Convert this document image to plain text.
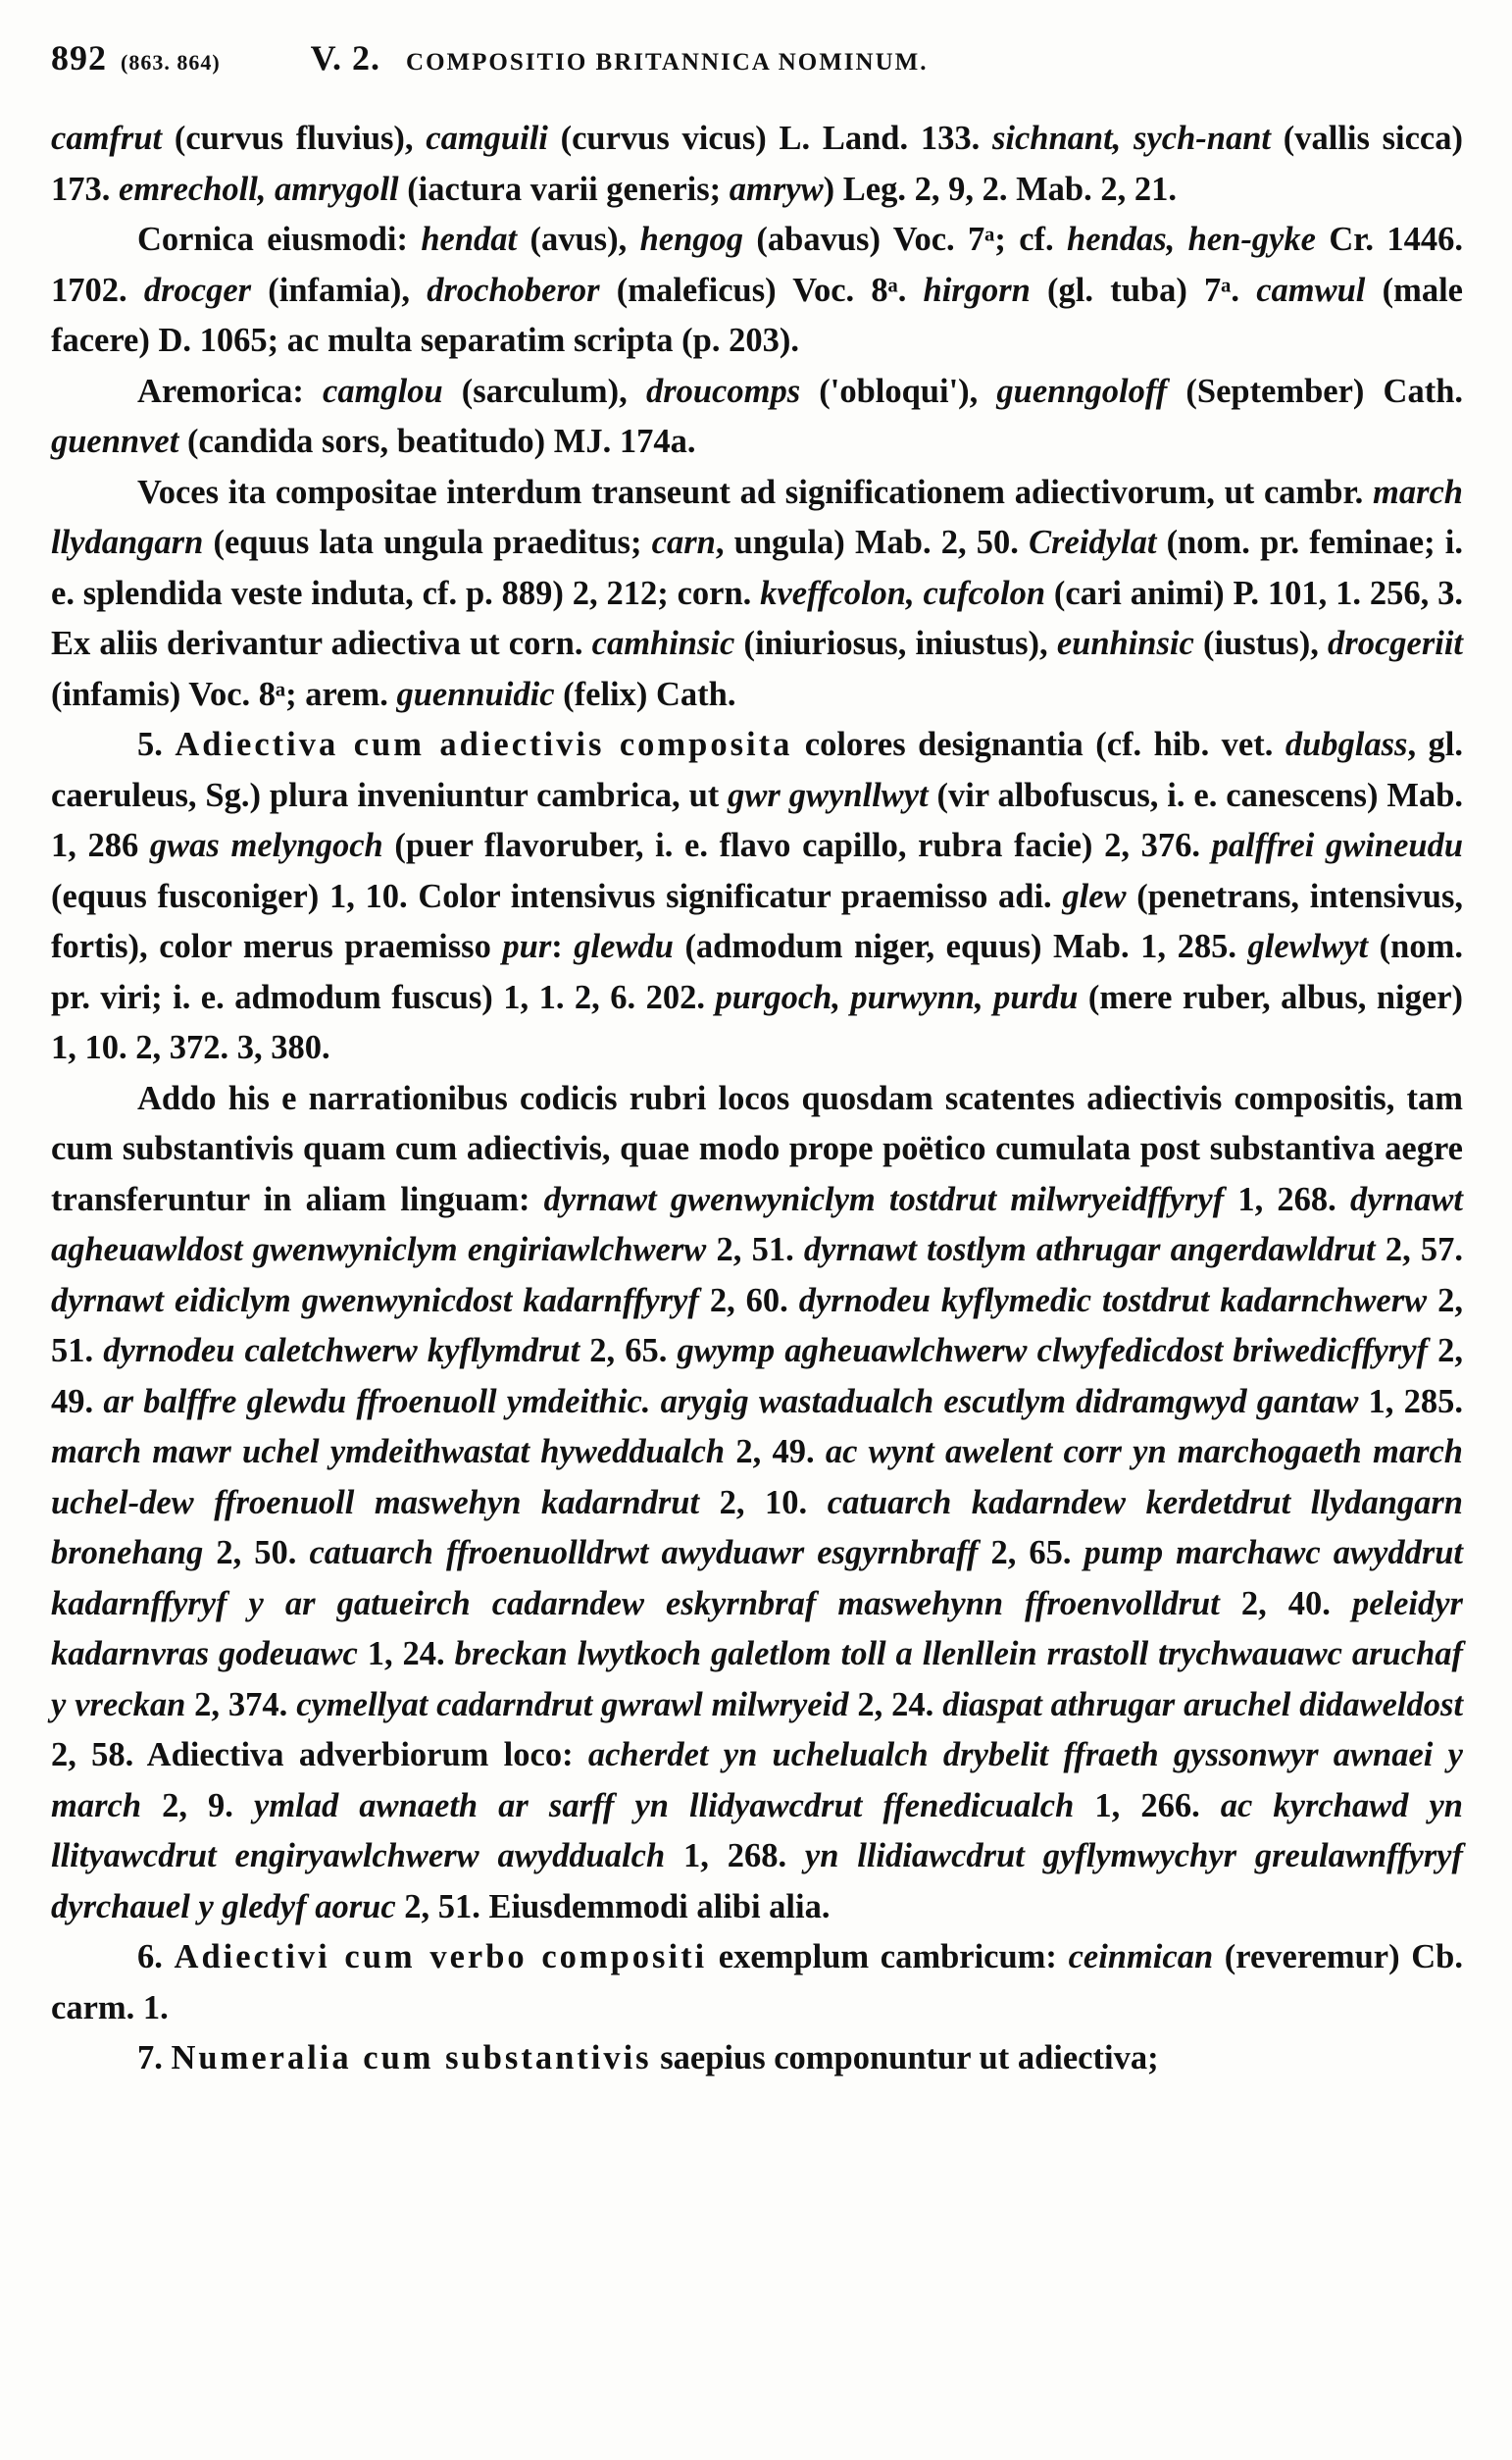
892 (863. 864)	V. 2. COMPOSITIO BRITANNICA NOMINUM.

camfrut (curvus fluvius), camguili (curvus vicus) L. Land. 133. sichnant, sych-nant (vallis sicca) 173. emrecholl, amrygoll (iactura varii generis; amryw) Leg. 2, 9, 2. Mab. 2, 21.

Cornica eiusmodi: hendat (avus), hengog (abavus) Voc. 7ᵃ; cf. hendas, hen-gyke Cr. 1446. 1702. drocger (infamia), drochoberor (maleficus) Voc. 8ᵃ. hirgorn (gl. tuba) 7ᵃ. camwul (male facere) D. 1065; ac multa separatim scripta (p. 203).

Aremorica: camglou (sarculum), droucomps ('obloqui'), guenngoloff (September) Cath. guennvet (candida sors, beatitudo) MJ. 174a.

Voces ita compositae interdum transeunt ad significationem adiectivorum, ut cambr. march llydangarn (equus lata ungula praeditus; carn, ungula) Mab. 2, 50. Creidylat (nom. pr. feminae; i. e. splendida veste induta, cf. p. 889) 2, 212; corn. kveffcolon, cufcolon (cari animi) P. 101, 1. 256, 3. Ex aliis derivantur adiectiva ut corn. camhinsic (iniuriosus, iniustus), eunhinsic (iustus), drocgeriit (infamis) Voc. 8ᵃ; arem. guennuidic (felix) Cath.

5. Adiectiva cum adiectivis composita colores designantia (cf. hib. vet. dubglass, gl. caeruleus, Sg.) plura inveniuntur cambrica, ut gwr gwynllwyt (vir albofuscus, i. e. canescens) Mab. 1, 286 gwas melyngoch (puer flavoruber, i. e. flavo capillo, rubra facie) 2, 376. palffrei gwineudu (equus fusconiger) 1, 10. Color intensivus significatur praemisso adi. glew (penetrans, intensivus, fortis), color merus praemisso pur: glewdu (admodum niger, equus) Mab. 1, 285. glewlwyt (nom. pr. viri; i. e. admodum fuscus) 1, 1. 2, 6. 202. purgoch, purwynn, purdu (mere ruber, albus, niger) 1, 10. 2, 372. 3, 380.

Addo his e narrationibus codicis rubri locos quosdam scatentes adiectivis compositis, tam cum substantivis quam cum adiectivis, quae modo prope poëtico cumulata post substantiva aegre transferuntur in aliam linguam: dyrnawt gwenwyniclym tostdrut milwryeidffyryf 1, 268. dyrnawt agheuawldost gwenwyniclym engiriawlchwerw 2, 51. dyrnawt tostlym athrugar angerdawldrut 2, 57. dyrnawt eidiclym gwenwynicdost kadarnffyryf 2, 60. dyrnodeu kyflymedic tostdrut kadarnchwerw 2, 51. dyrnodeu caletchwerw kyflymdrut 2, 65. gwymp agheuawlchwerw clwyfedicdost briwedicffyryf 2, 49. ar balffre glewdu ffroenuoll ymdeithic. arygig wastadualch escutlym didramgwyd gantaw 1, 285. march mawr uchel ymdeithwastat hyweddualch 2, 49. ac wynt awelent corr yn marchogaeth march uchel-dew ffroenuoll maswehyn kadarndrut 2, 10. catuarch kadarndew kerdetdrut llydangarn bronehang 2, 50. catuarch ffroenuolldrwt awyduawr esgyrnbraff 2, 65. pump marchawc awyddrut kadarnffyryf y ar gatueirch cadarndew eskyrnbraf maswehynn ffroenvolldrut 2, 40. peleidyr kadarnvras godeuawc 1, 24. breckan lwytkoch galetlom toll a llenllein rrastoll trychwauawc aruchaf y vreckan 2, 374. cymellyat cadarndrut gwrawl milwryeid 2, 24. diaspat athrugar aruchel didaweldost 2, 58. Adiectiva adverbiorum loco: acherdet yn uchelualch drybelit ffraeth gyssonwyr awnaei y march 2, 9. ymlad awnaeth ar sarff yn llidyawcdrut ffenedicualch 1, 266. ac kyrchawd yn llityawcdrut engiryawlchwerw awyddualch 1, 268. yn llidiawcdrut gyflymwychyr greulawnffyryf dyrchauel y gledyf aoruc 2, 51. Eiusdemmodi alibi alia.

6. Adiectivi cum verbo compositi exemplum cambricum: ceinmican (reveremur) Cb. carm. 1.

7. Numeralia cum substantivis saepius componuntur ut adiectiva;
